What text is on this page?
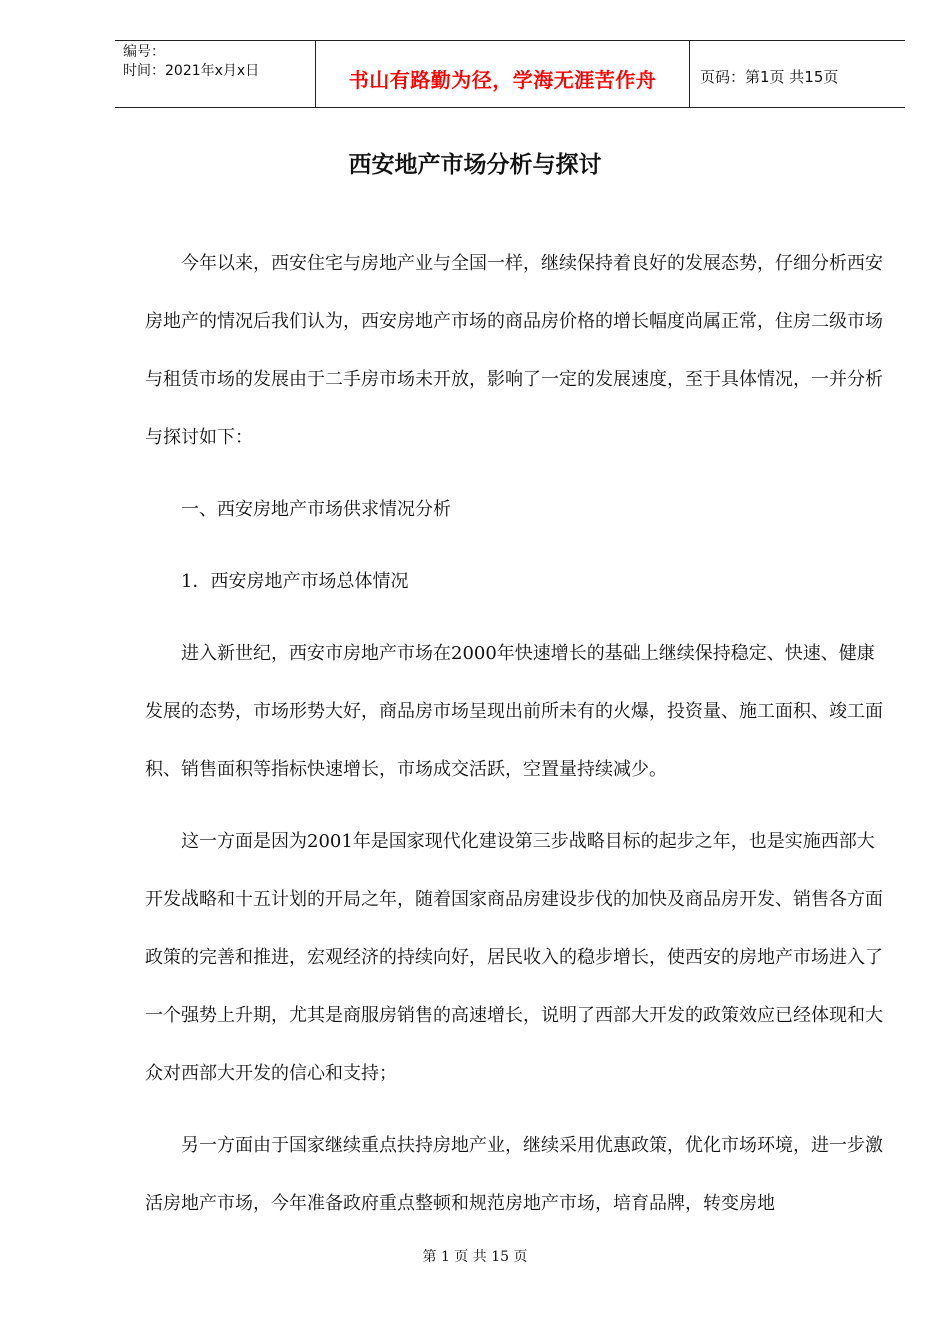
编号：
时间：2021年x月x日	书山有路勤为径，学海无涯苦作舟	页码：第1页 共15页
西安地产市场分析与探讨

今年以来，西安住宅与房地产业与全国一样，继续保持着良好的发展态势，仔细分析西安房地产的情况后我们认为，西安房地产市场的商品房价格的增长幅度尚属正常，住房二级市场与租赁市场的发展由于二手房市场未开放，影响了一定的发展速度，至于具体情况，一并分析与探讨如下：

一、西安房地产市场供求情况分析

1．西安房地产市场总体情况

进入新世纪，西安市房地产市场在2000年快速增长的基础上继续保持稳定、快速、健康发展的态势，市场形势大好，商品房市场呈现出前所未有的火爆，投资量、施工面积、竣工面积、销售面积等指标快速增长，市场成交活跃，空置量持续减少。

这一方面是因为2001年是国家现代化建设第三步战略目标的起步之年，也是实施西部大开发战略和十五计划的开局之年，随着国家商品房建设步伐的加快及商品房开发、销售各方面政策的完善和推进，宏观经济的持续向好，居民收入的稳步增长，使西安的房地产市场进入了一个强势上升期，尤其是商服房销售的高速增长，说明了西部大开发的政策效应已经体现和大众对西部大开发的信心和支持；

另一方面由于国家继续重点扶持房地产业，继续采用优惠政策，优化市场环境，进一步激活房地产市场，今年准备政府重点整顿和规范房地产市场，培育品牌，转变房地

第 1 页 共 15 页
